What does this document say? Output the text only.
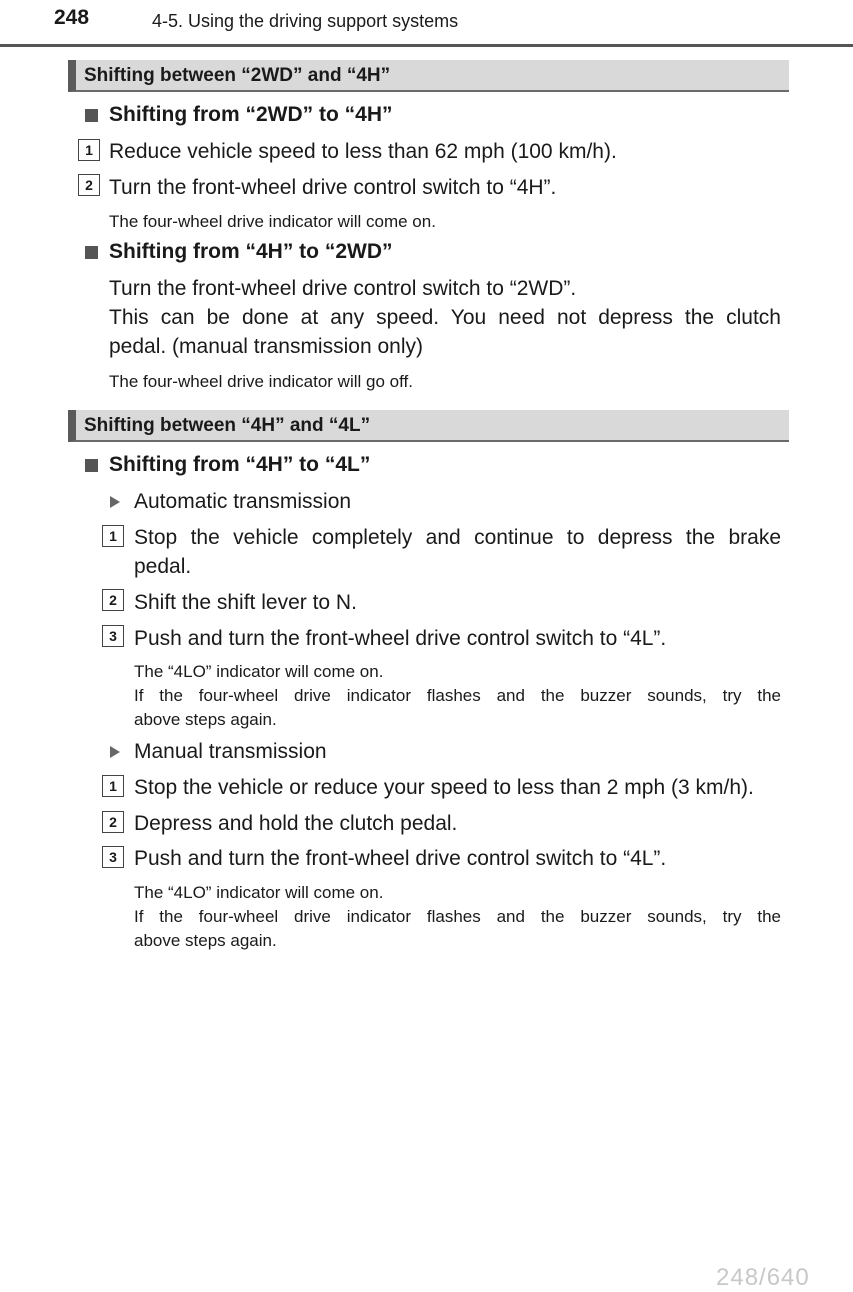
248	4-5. Using the driving support systems
Shifting between “2WD” and “4H”
Shifting from “2WD” to “4H”
1 Reduce vehicle speed to less than 62 mph (100 km/h).
2 Turn the front-wheel drive control switch to “4H”.
The four-wheel drive indicator will come on.
Shifting from “4H” to “2WD”
Turn the front-wheel drive control switch to “2WD”.
This can be done at any speed. You need not depress the clutch
pedal. (manual transmission only)
The four-wheel drive indicator will go off.
Shifting between “4H” and “4L”
Shifting from “4H” to “4L”
Automatic transmission
1 Stop the vehicle completely and continue to depress the brake
pedal.
2 Shift the shift lever to N.
3 Push and turn the front-wheel drive control switch to “4L”.
The “4LO” indicator will come on.
If the four-wheel drive indicator flashes and the buzzer sounds, try the
above steps again.
Manual transmission
1 Stop the vehicle or reduce your speed to less than 2 mph (3 km/h).
2 Depress and hold the clutch pedal.
3 Push and turn the front-wheel drive control switch to “4L”.
The “4LO” indicator will come on.
If the four-wheel drive indicator flashes and the buzzer sounds, try the
above steps again.
248/640
